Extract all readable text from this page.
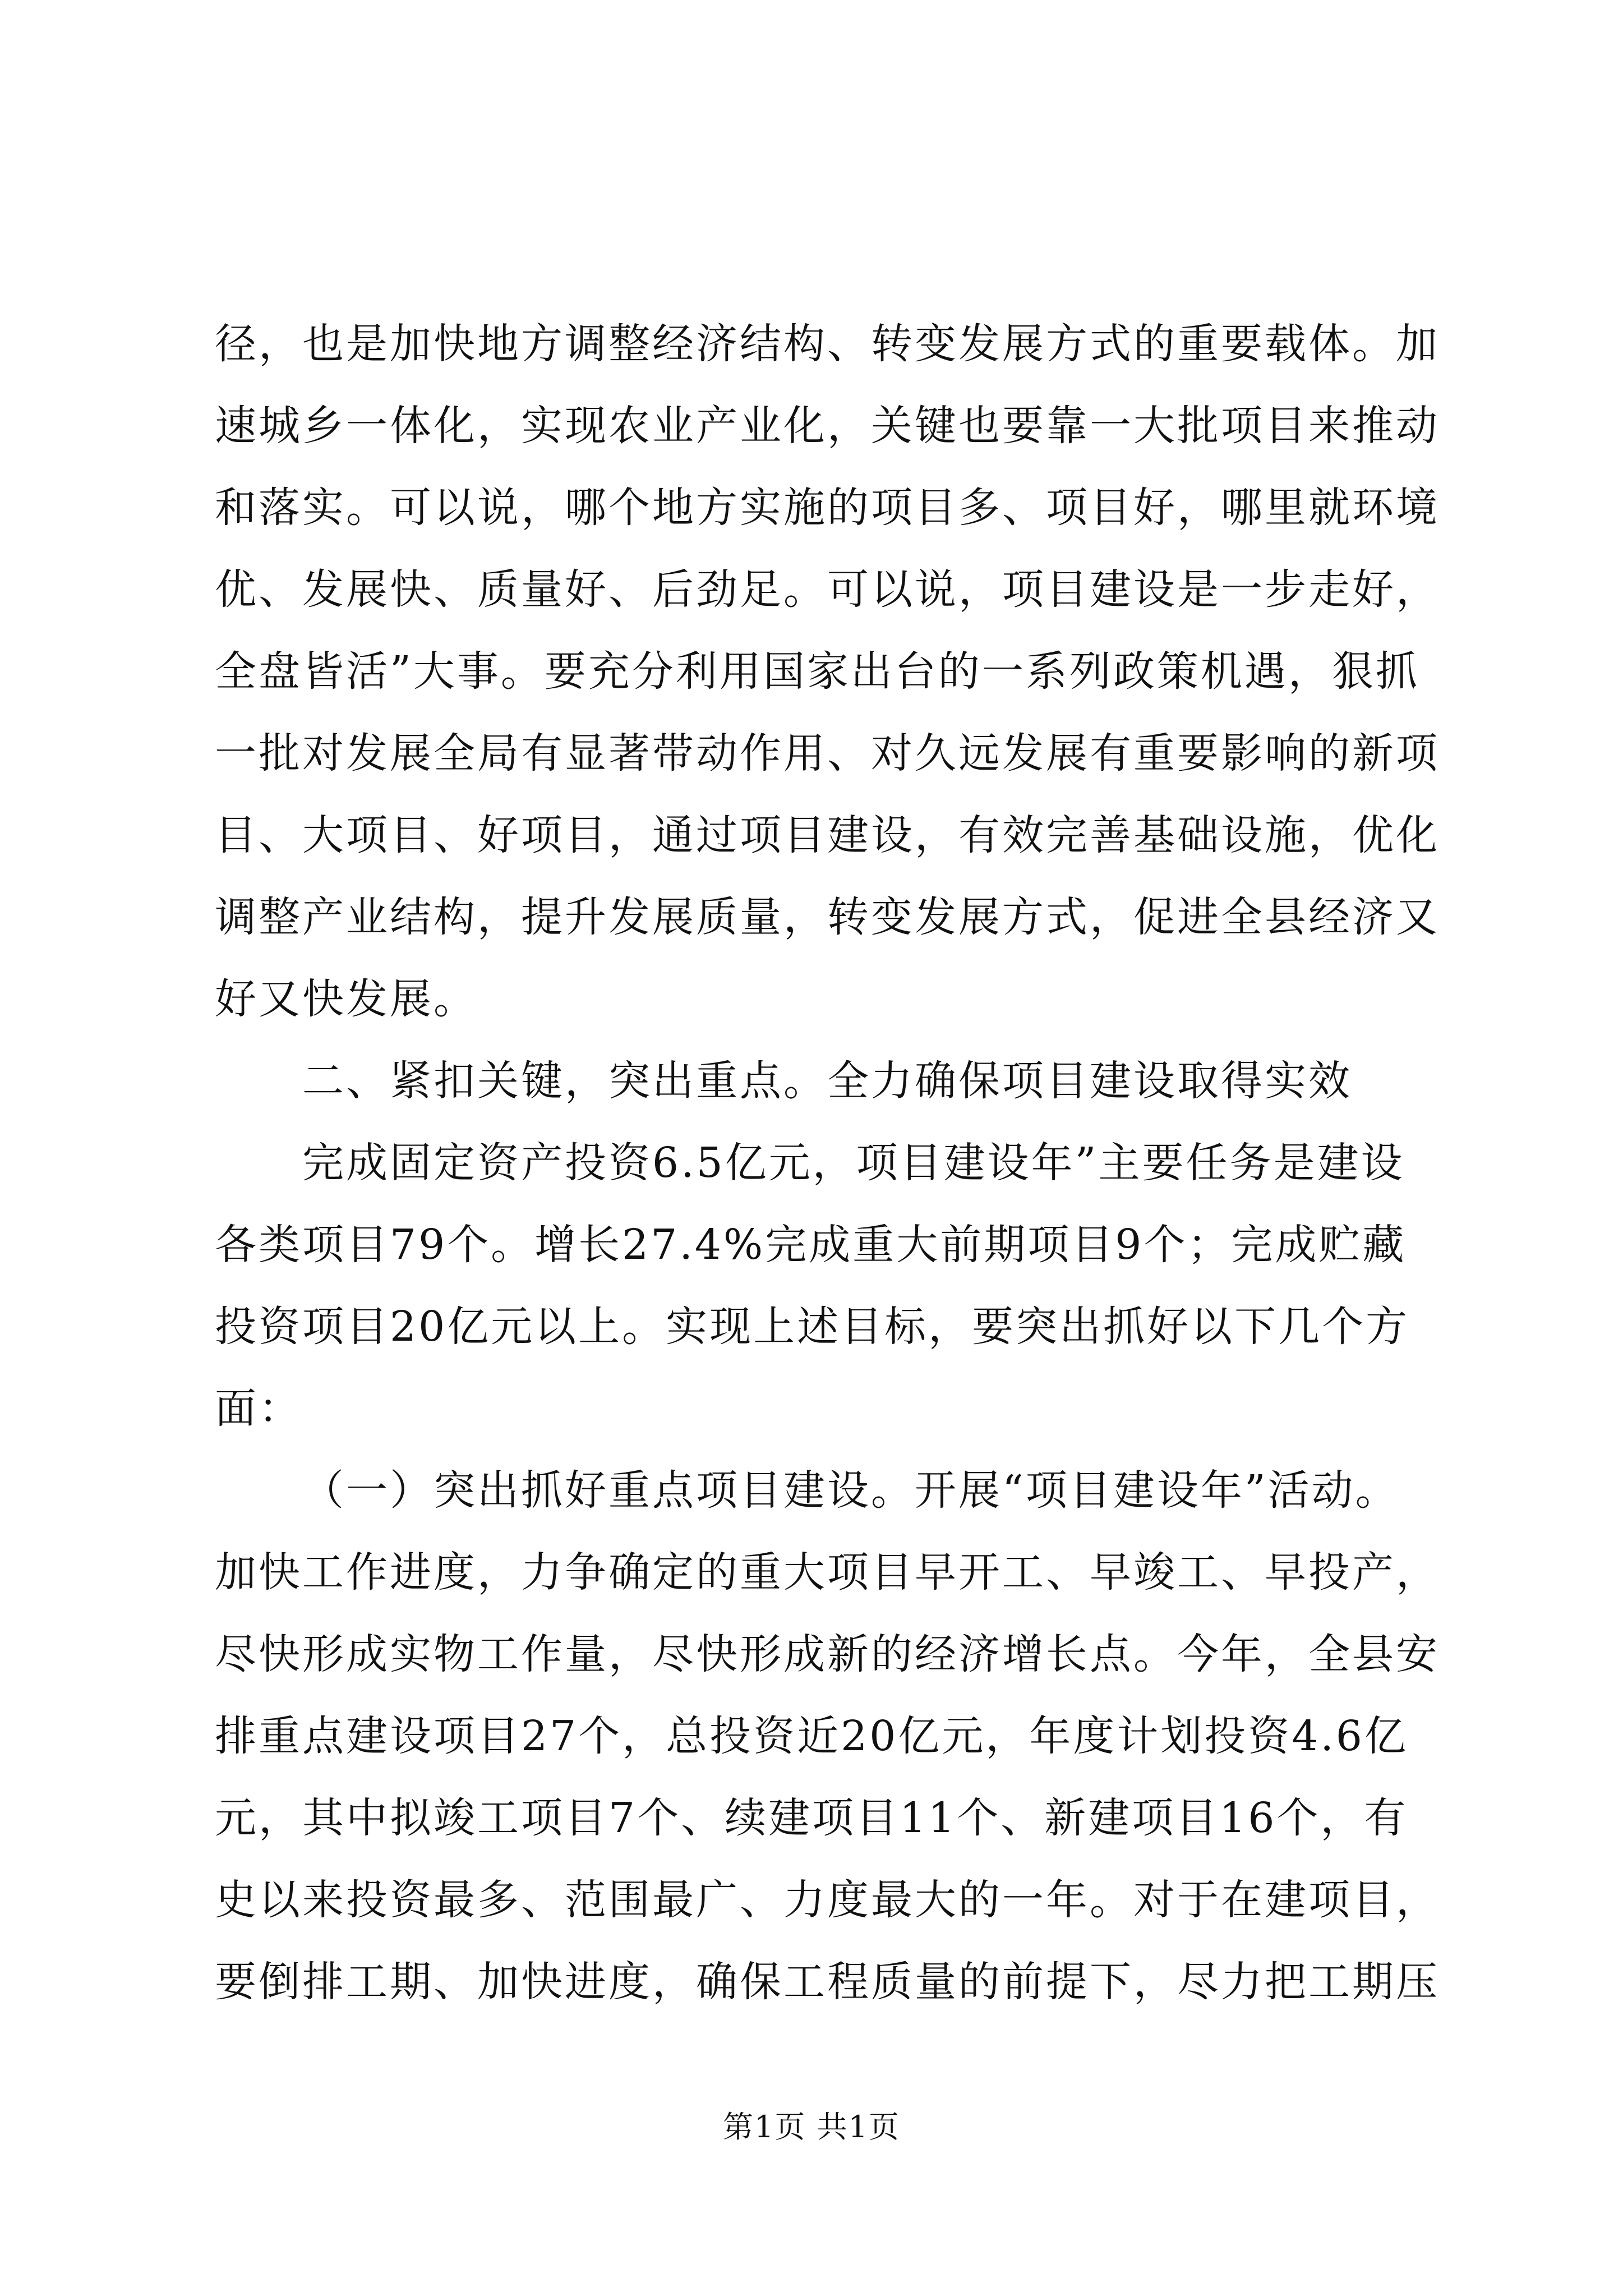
径，也是加快地方调整经济结构、转变发展方式的重要载体。加
速城乡一体化，实现农业产业化，关键也要靠一大批项目来推动
和落实。可以说，哪个地方实施的项目多、项目好，哪里就环境
优、发展快、质量好、后劲足。可以说，项目建设是一步走好，
全盘皆活”大事。要充分利用国家出台的一系列政策机遇，狠抓
一批对发展全局有显著带动作用、对久远发展有重要影响的新项
目、大项目、好项目，通过项目建设，有效完善基础设施，优化
调整产业结构，提升发展质量，转变发展方式，促进全县经济又
好又快发展。
二、紧扣关键，突出重点。全力确保项目建设取得实效
完成固定资产投资6.5亿元，项目建设年”主要任务是建设
各类项目79个。增长27.4%完成重大前期项目9个；完成贮藏
投资项目20亿元以上。实现上述目标，要突出抓好以下几个方
面：
（一）突出抓好重点项目建设。开展“项目建设年”活动。
加快工作进度，力争确定的重大项目早开工、早竣工、早投产，
尽快形成实物工作量，尽快形成新的经济增长点。今年，全县安
排重点建设项目27个，总投资近20亿元，年度计划投资4.6亿
元，其中拟竣工项目7个、续建项目11个、新建项目16个，有
史以来投资最多、范围最广、力度最大的一年。对于在建项目，
要倒排工期、加快进度，确保工程质量的前提下，尽力把工期压
第1页 共1页
